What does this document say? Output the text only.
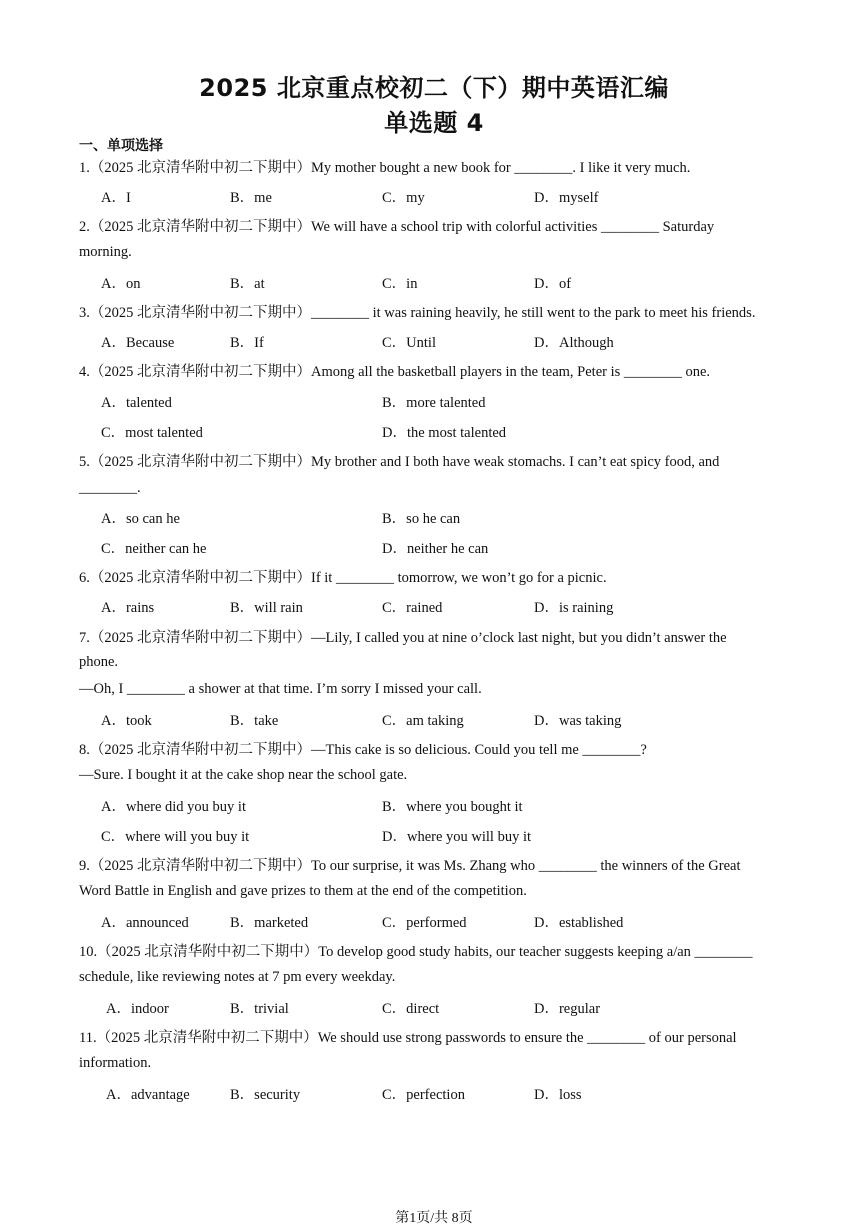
2025 北京重点校初二（下）期中英语汇编
单选题 4
一、单项选择
1.（2025 北京清华附中初二下期中）My mother bought a new book for ________. I like it very much.
A．I	B．me	C．my	D．myself
2.（2025 北京清华附中初二下期中）We will have a school trip with colorful activities ________ Saturday
morning.
A．on	B．at	C．in	D．of
3.（2025 北京清华附中初二下期中）________ it was raining heavily, he still went to the park to meet his friends.
A．Because	B．If	C．Until	D．Although
4.（2025 北京清华附中初二下期中）Among all the basketball players in the team, Peter is ________ one.
A．talented	B．more talented
C．most talented	D．the most talented
5.（2025 北京清华附中初二下期中）My brother and I both have weak stomachs. I can’t eat spicy food, and
________.
A．so can he	B．so he can
C．neither can he	D．neither he can
6.（2025 北京清华附中初二下期中）If it ________ tomorrow, we won’t go for a picnic.
A．rains	B．will rain	C．rained	D．is raining
7.（2025 北京清华附中初二下期中）—Lily, I called you at nine o’clock last night, but you didn’t answer the
phone.
—Oh, I ________ a shower at that time. I’m sorry I missed your call.
A．took	B．take	C．am taking	D．was taking
8.（2025 北京清华附中初二下期中）—This cake is so delicious. Could you tell me ________?
—Sure. I bought it at the cake shop near the school gate.
A．where did you buy it	B．where you bought it
C．where will you buy it	D．where you will buy it
9.（2025 北京清华附中初二下期中）To our surprise, it was Ms. Zhang who ________ the winners of the Great
Word Battle in English and gave prizes to them at the end of the competition.
A．announced	B．marketed	C．performed	D．established
10.（2025 北京清华附中初二下期中）To develop good study habits, our teacher suggests keeping a/an ________
schedule, like reviewing notes at 7 pm every weekday.
A．indoor	B．trivial	C．direct	D．regular
11.（2025 北京清华附中初二下期中）We should use strong passwords to ensure the ________ of our personal
information.
A．advantage	B．security	C．perfection	D．loss
第1页/共 8页
